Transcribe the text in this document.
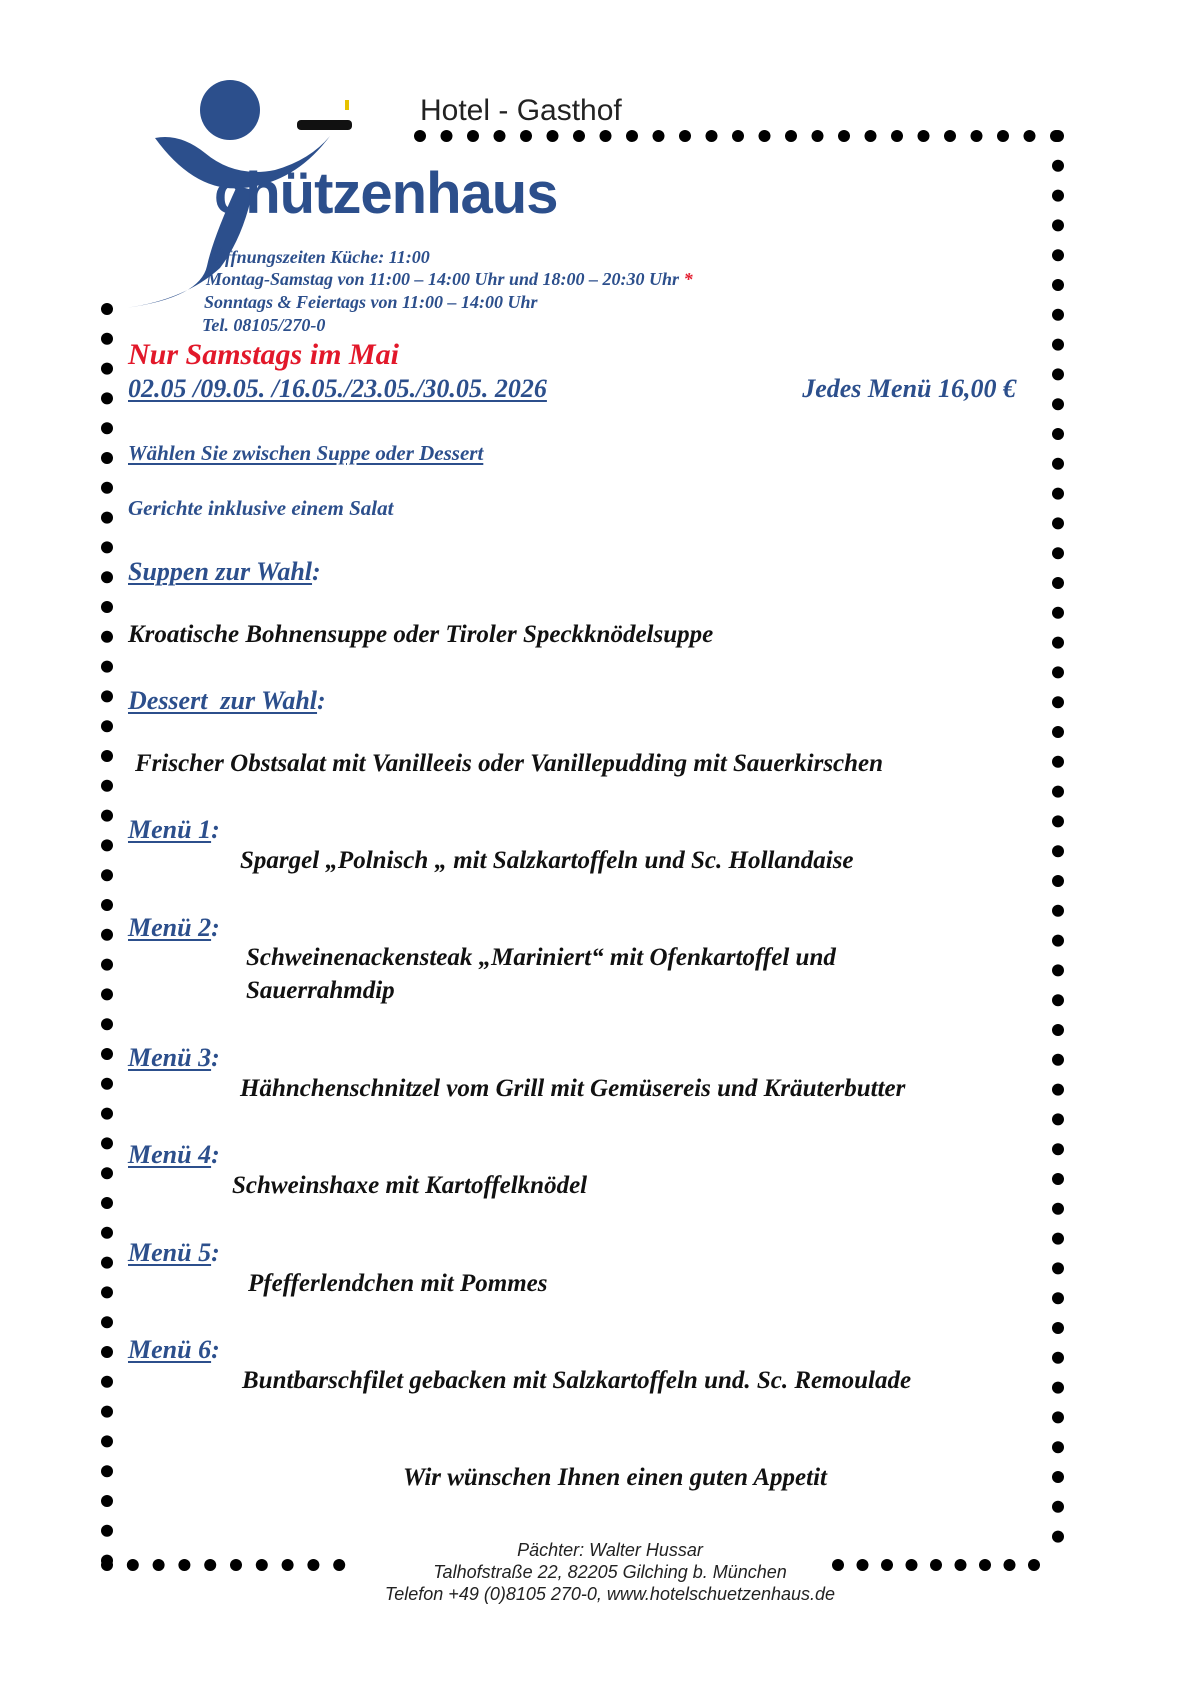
Hotel - Gasthof
chützenhaus
Öffnungszeiten Küche: 11:00
Montag-Samstag von 11:00 – 14:00 Uhr und 18:00 – 20:30 Uhr *
Sonntags & Feiertags von 11:00 – 14:00 Uhr
Tel. 08105/270-0
Nur Samstags im Mai
02.05 /09.05. /16.05./23.05./30.05. 2026	Jedes Menü 16,00 €
Wählen Sie zwischen Suppe oder Dessert
Gerichte inklusive einem Salat
Suppen zur Wahl:
Kroatische Bohnensuppe oder Tiroler Speckknödelsuppe
Dessert  zur Wahl:
Frischer Obstsalat mit Vanilleeis oder Vanillepudding mit Sauerkirschen
Menü 1:
Spargel „Polnisch „ mit Salzkartoffeln und Sc. Hollandaise
Menü 2:
Schweinenackensteak „Mariniert“ mit Ofenkartoffel und
Sauerrahmdip
Menü 3:
Hähnchenschnitzel vom Grill mit Gemüsereis und Kräuterbutter
Menü 4:
Schweinshaxe mit Kartoffelknödel
Menü 5:
Pfefferlendchen mit Pommes
Menü 6:
Buntbarschfilet gebacken mit Salzkartoffeln und. Sc. Remoulade
Wir wünschen Ihnen einen guten Appetit
Pächter: Walter Hussar
Talhofstraße 22, 82205 Gilching b. München
Telefon +49 (0)8105 270-0, www.hotelschuetzenhaus.de
